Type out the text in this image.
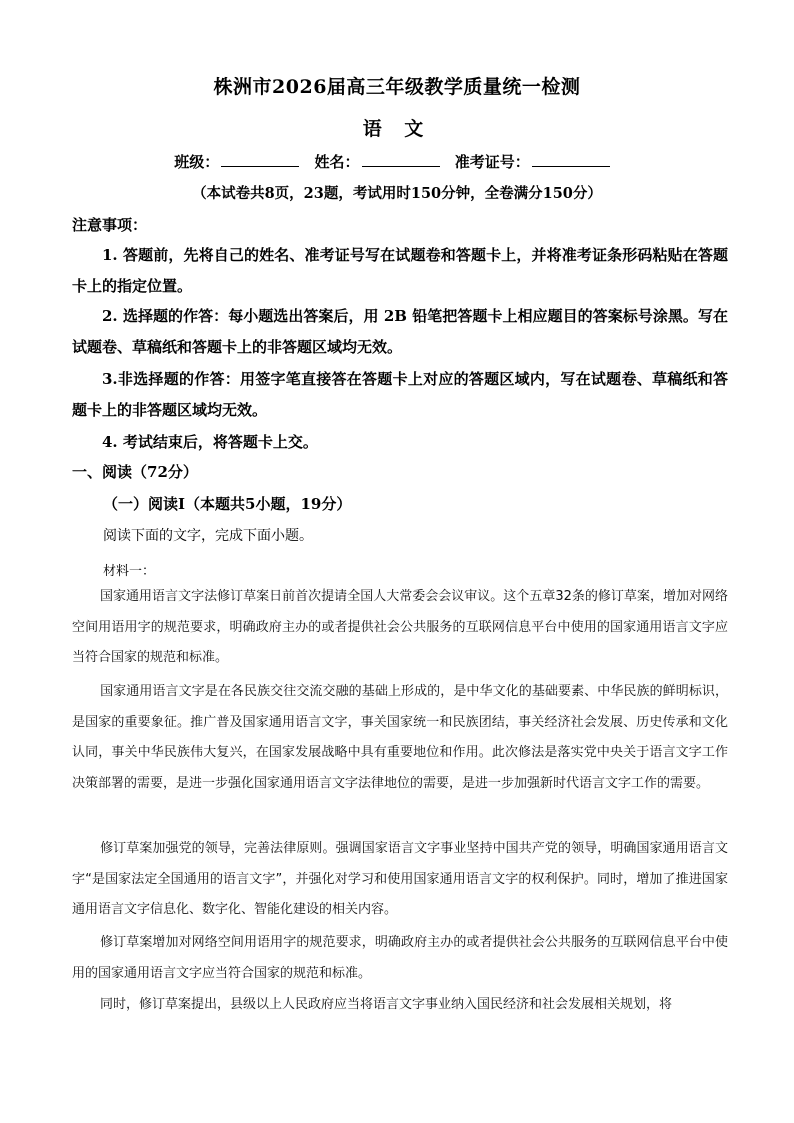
株洲市2026届高三年级教学质量统一检测
语 文
班级：	姓名：	准考证号：
（本试卷共8页，23题，考试用时150分钟，全卷满分150分）
注意事项：
1. 答题前，先将自己的姓名、准考证号写在试题卷和答题卡上，并将准考证条形码粘贴在答题卡上的指定位置。
2. 选择题的作答：每小题选出答案后，用 2B 铅笔把答题卡上相应题目的答案标号涂黑。写在试题卷、草稿纸和答题卡上的非答题区域均无效。
3.非选择题的作答：用签字笔直接答在答题卡上对应的答题区域内，写在试题卷、草稿纸和答题卡上的非答题区域均无效。
4. 考试结束后，将答题卡上交。
一、阅读（72分）
（一）阅读Ⅰ（本题共5小题，19分）
阅读下面的文字，完成下面小题。
材料一：
国家通用语言文字法修订草案日前首次提请全国人大常委会会议审议。这个五章32条的修订草案，增加对网络空间用语用字的规范要求，明确政府主办的或者提供社会公共服务的互联网信息平台中使用的国家通用语言文字应当符合国家的规范和标准。
国家通用语言文字是在各民族交往交流交融的基础上形成的，是中华文化的基础要素、中华民族的鲜明标识，是国家的重要象征。推广普及国家通用语言文字，事关国家统一和民族团结，事关经济社会发展、历史传承和文化认同，事关中华民族伟大复兴，在国家发展战略中具有重要地位和作用。此次修法是落实党中央关于语言文字工作决策部署的需要，是进一步强化国家通用语言文字法律地位的需要，是进一步加强新时代语言文字工作的需要。
修订草案加强党的领导，完善法律原则。强调国家语言文字事业坚持中国共产党的领导，明确国家通用语言文字“是国家法定全国通用的语言文字”，并强化对学习和使用国家通用语言文字的权利保护。同时，增加了推进国家通用语言文字信息化、数字化、智能化建设的相关内容。
修订草案增加对网络空间用语用字的规范要求，明确政府主办的或者提供社会公共服务的互联网信息平台中使用的国家通用语言文字应当符合国家的规范和标准。
同时，修订草案提出，县级以上人民政府应当将语言文字事业纳入国民经济和社会发展相关规划，将
